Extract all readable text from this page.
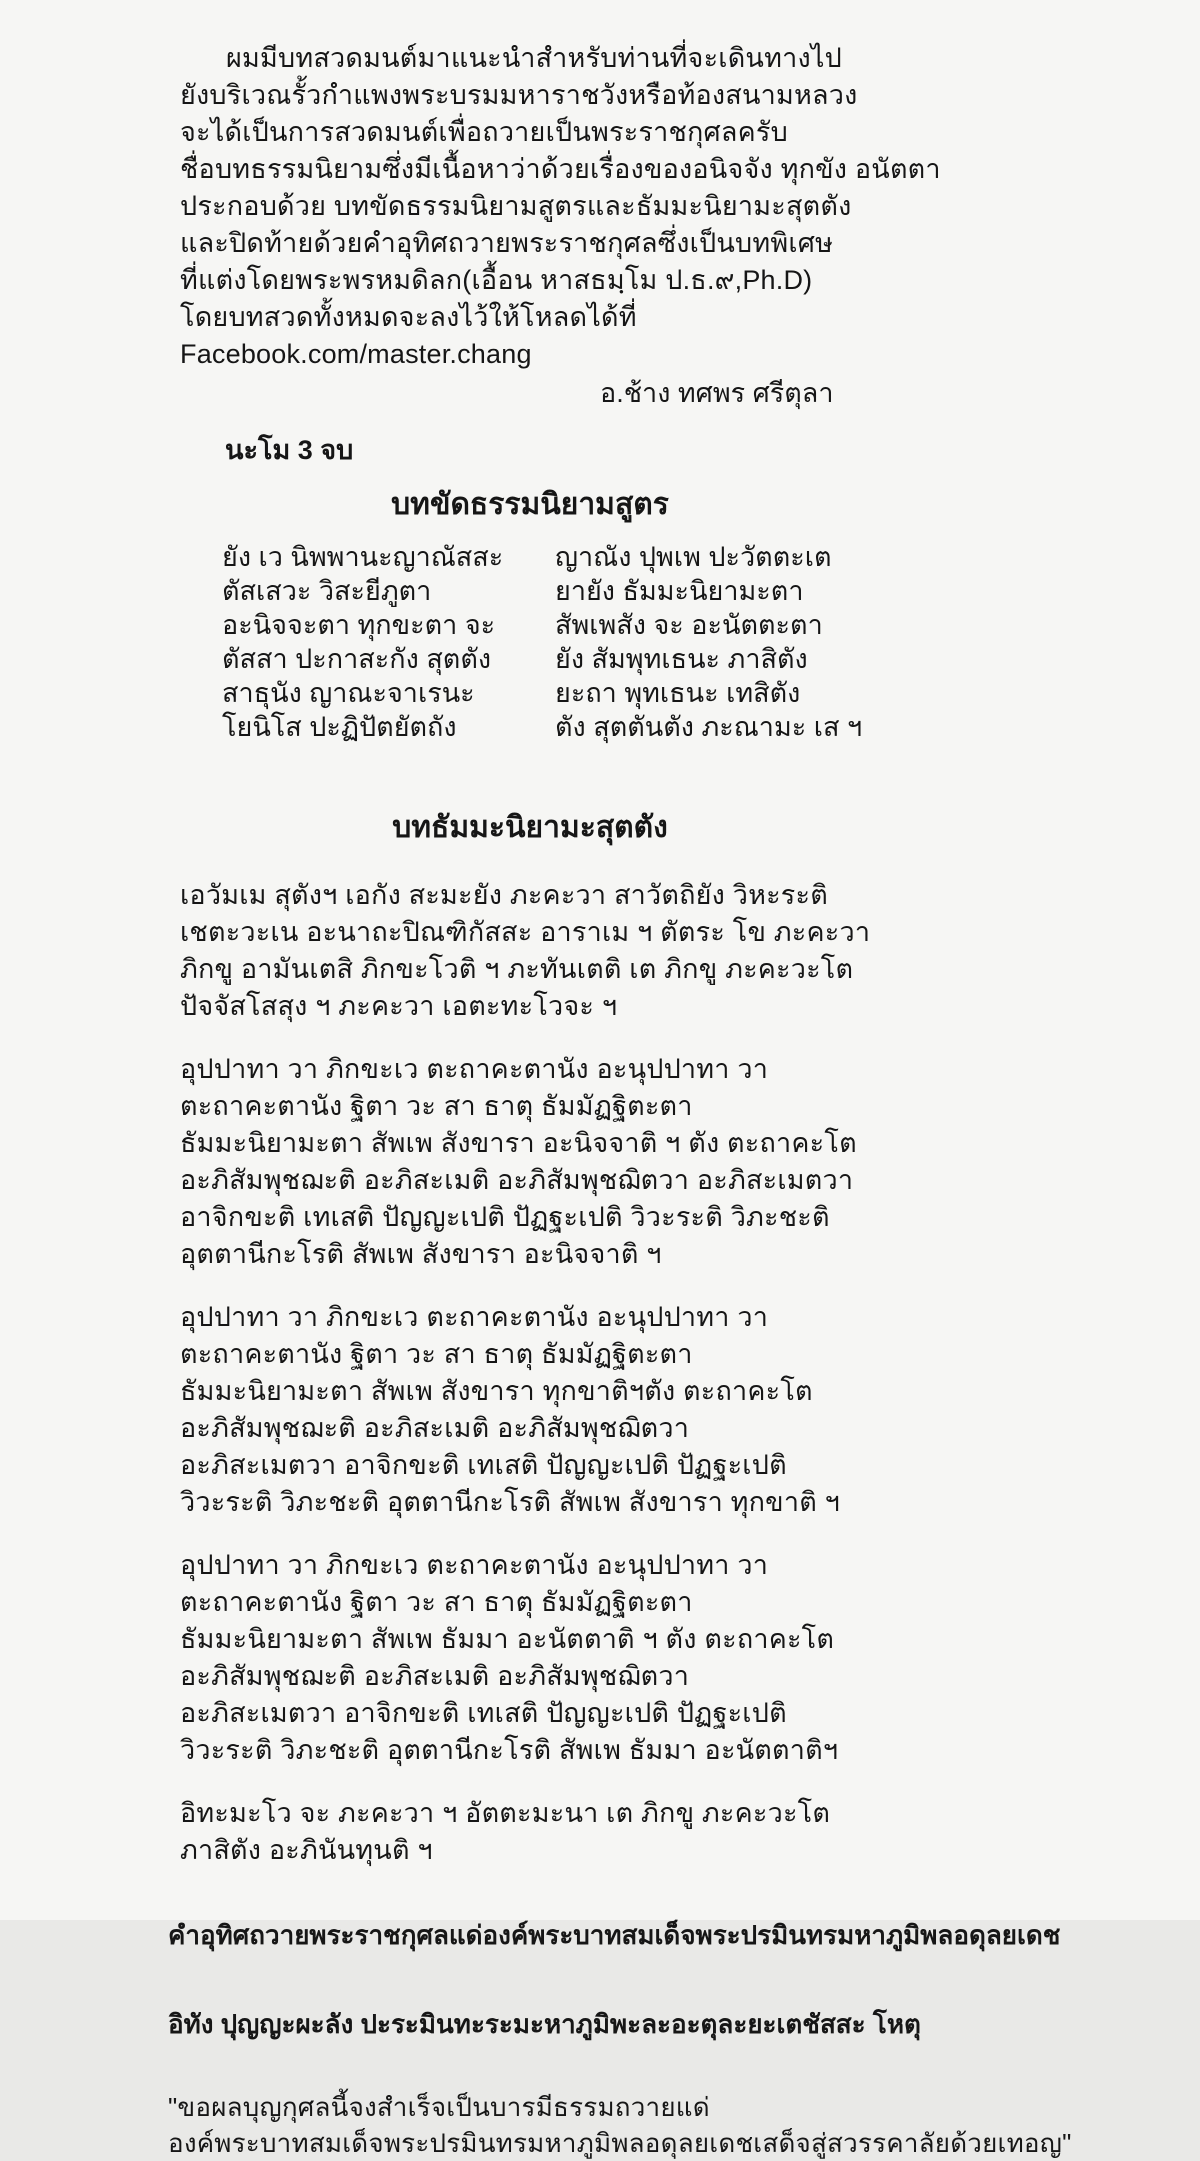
ผมมีบทสวดมนต์มาแนะนำสำหรับท่านที่จะเดินทางไป
ยังบริเวณรั้วกำแพงพระบรมมหาราชวังหรือท้องสนามหลวง
จะได้เป็นการสวดมนต์เพื่อถวายเป็นพระราชกุศลครับ
ชื่อบทธรรมนิยามซึ่งมีเนื้อหาว่าด้วยเรื่องของอนิจจัง ทุกขัง อนัตตา
ประกอบด้วย บทขัดธรรมนิยามสูตรและธัมมะนิยามะสุตตัง
และปิดท้ายด้วยคำอุทิศถวายพระราชกุศลซึ่งเป็นบทพิเศษ
ที่แต่งโดยพระพรหมดิลก(เอื้อน หาสธมฺโม ป.ธ.๙,Ph.D)
โดยบทสวดทั้งหมดจะลงไว้ให้โหลดได้ที่
Facebook.com/master.chang
อ.ช้าง ทศพร ศรีตุลา
นะโม 3 จบ
บทขัดธรรมนิยามสูตร
ยัง เว นิพพานะญาณัสสะ	ญาณัง ปุพเพ ปะวัตตะเต
ตัสเสวะ วิสะยีภูตา	ยายัง ธัมมะนิยามะตา
อะนิจจะตา ทุกขะตา จะ	สัพเพสัง จะ อะนัตตะตา
ตัสสา ปะกาสะกัง สุตตัง	ยัง สัมพุทเธนะ ภาสิตัง
สาธุนัง ญาณะจาเรนะ	ยะถา พุทเธนะ เทสิตัง
โยนิโส ปะฏิปัตยัตถัง	ตัง สุตตันตัง ภะณามะ เส ฯ
บทธัมมะนิยามะสุตตัง
เอวัมเม สุตังฯ เอกัง สะมะยัง ภะคะวา สาวัตถิยัง วิหะระติ
เชตะวะเน อะนาถะปิณฑิกัสสะ อาราเม ฯ ตัตระ โข ภะคะวา
ภิกขู อามันเตสิ ภิกขะโวติ ฯ ภะทันเตติ เต ภิกขู ภะคะวะโต
ปัจจัสโสสุง ฯ ภะคะวา เอตะทะโวจะ ฯ
อุปปาทา วา ภิกขะเว ตะถาคะตานัง อะนุปปาทา วา
ตะถาคะตานัง ฐิตา วะ สา ธาตุ ธัมมัฏฐิตะตา
ธัมมะนิยามะตา สัพเพ สังขารา อะนิจจาติ ฯ ตัง ตะถาคะโต
อะภิสัมพุชฌะติ อะภิสะเมติ อะภิสัมพุชฌิตวา อะภิสะเมตวา
อาจิกขะติ เทเสติ ปัญญะเปติ ปัฏฐะเปติ วิวะระติ วิภะชะติ
อุตตานีกะโรติ สัพเพ สังขารา อะนิจจาติ ฯ
อุปปาทา วา ภิกขะเว ตะถาคะตานัง อะนุปปาทา วา
ตะถาคะตานัง ฐิตา วะ สา ธาตุ ธัมมัฏฐิตะตา
ธัมมะนิยามะตา สัพเพ สังขารา ทุกขาติฯตัง ตะถาคะโต
อะภิสัมพุชฌะติ อะภิสะเมติ อะภิสัมพุชฌิตวา
อะภิสะเมตวา อาจิกขะติ เทเสติ ปัญญะเปติ ปัฏฐะเปติ
วิวะระติ วิภะชะติ อุตตานีกะโรติ สัพเพ สังขารา ทุกขาติ ฯ
อุปปาทา วา ภิกขะเว ตะถาคะตานัง อะนุปปาทา วา
ตะถาคะตานัง ฐิตา วะ สา ธาตุ ธัมมัฏฐิตะตา
ธัมมะนิยามะตา สัพเพ ธัมมา อะนัตตาติ ฯ ตัง ตะถาคะโต
อะภิสัมพุชฌะติ อะภิสะเมติ อะภิสัมพุชฌิตวา
อะภิสะเมตวา อาจิกขะติ เทเสติ ปัญญะเปติ ปัฏฐะเปติ
วิวะระติ วิภะชะติ อุตตานีกะโรติ สัพเพ ธัมมา อะนัตตาติฯ
อิทะมะโว จะ ภะคะวา ฯ อัตตะมะนา เต ภิกขู ภะคะวะโต
ภาสิตัง อะภินันทุนติ ฯ
คำอุทิศถวายพระราชกุศลแด่องค์พระบาทสมเด็จพระปรมินทรมหาภูมิพลอดุลยเดช
อิทัง ปุญญะผะลัง ปะระมินทะระมะหาภูมิพะละอะตุละยะเตชัสสะ โหตุ
"ขอผลบุญกุศลนี้จงสำเร็จเป็นบารมีธรรมถวายแด่
องค์พระบาทสมเด็จพระปรมินทรมหาภูมิพลอดุลยเดชเสด็จสู่สวรรคาลัยด้วยเทอญ"
